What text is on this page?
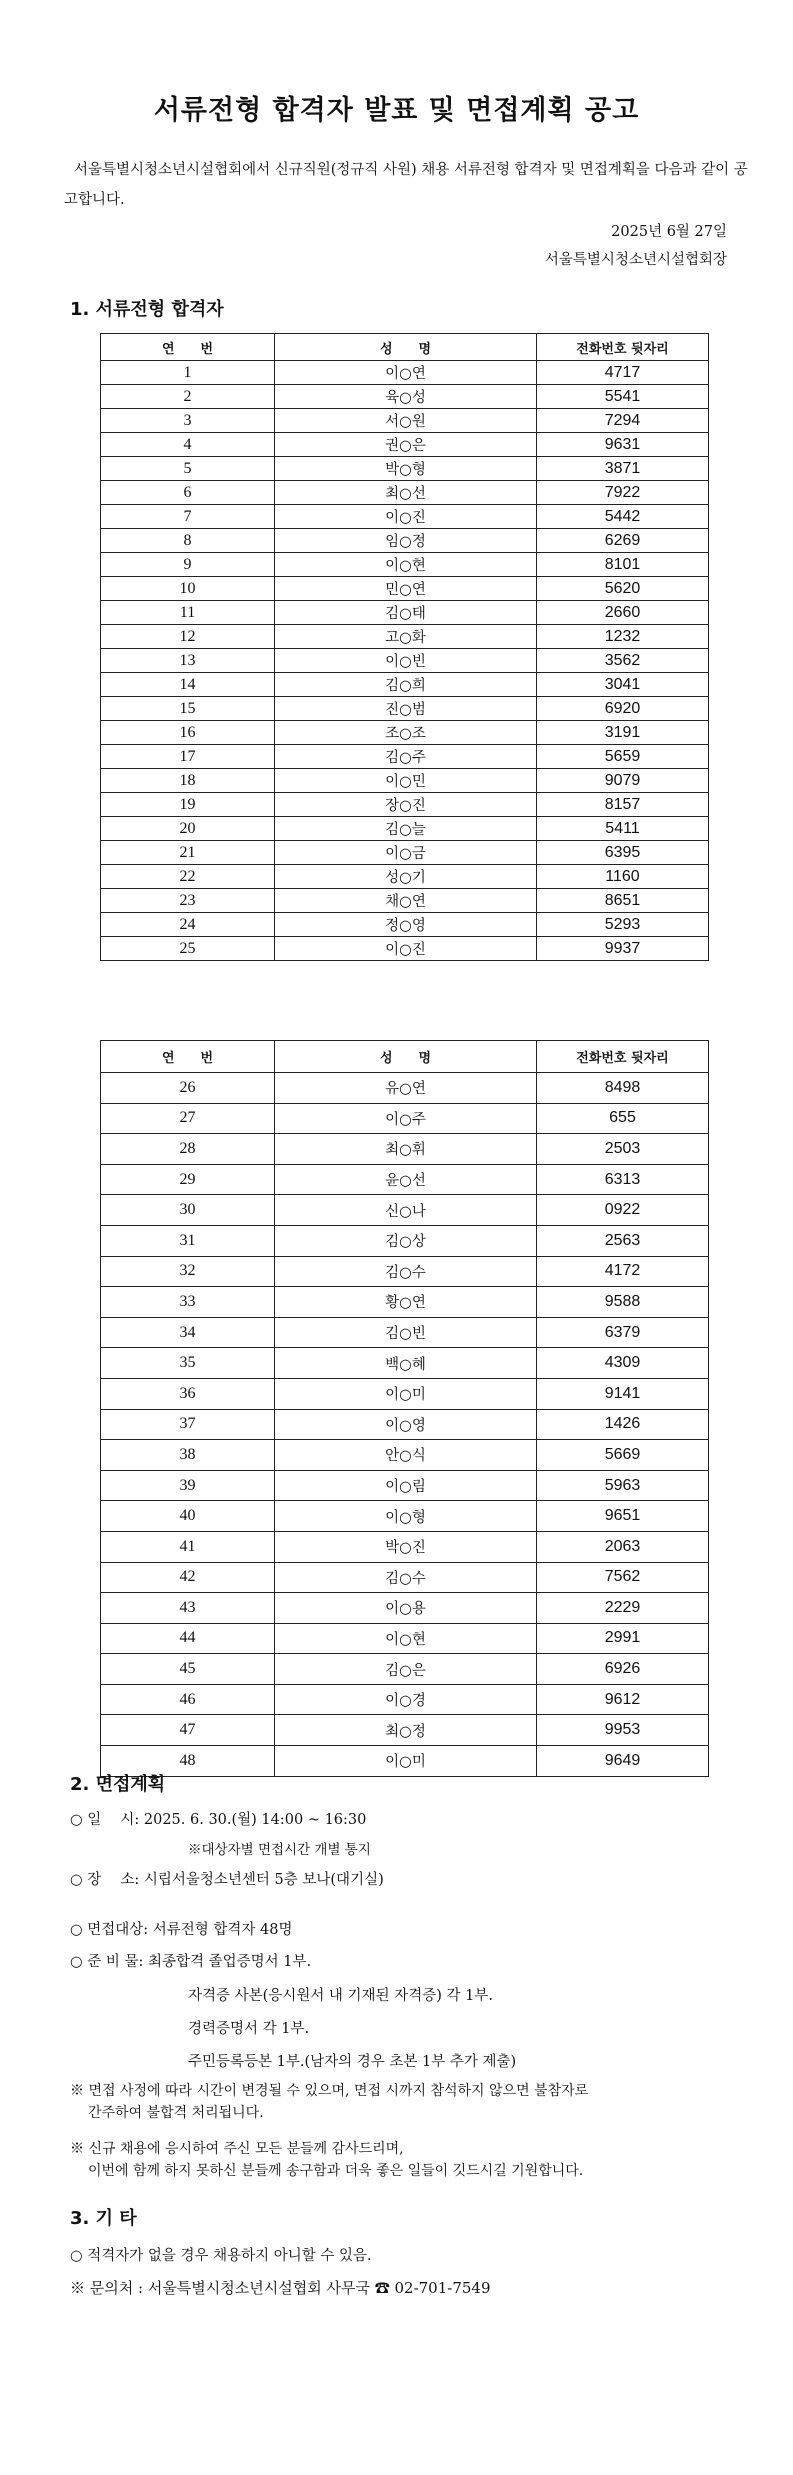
서류전형 합격자 발표 및 면접계획 공고
서울특별시청소년시설협회에서 신규직원(정규직 사원) 채용 서류전형 합격자 및 면접계획을 다음과 같이 공고합니다.
2025년 6월 27일
서울특별시청소년시설협회장
1. 서류전형 합격자
연　　번	성　　명	전화번호 뒷자리
1	이○연	4717
2	육○성	5541
3	서○원	7294
4	권○은	9631
5	박○형	3871
6	최○선	7922
7	이○진	5442
8	임○정	6269
9	이○현	8101
10	민○연	5620
11	김○태	2660
12	고○화	1232
13	이○빈	3562
14	김○희	3041
15	진○범	6920
16	조○조	3191
17	김○주	5659
18	이○민	9079
19	장○진	8157
20	김○늘	5411
21	이○금	6395
22	성○기	1160
23	채○연	8651
24	정○영	5293
25	이○진	9937
연　　번	성　　명	전화번호 뒷자리
26	유○연	8498
27	이○주	655
28	최○휘	2503
29	윤○선	6313
30	신○나	0922
31	김○상	2563
32	김○수	4172
33	황○연	9588
34	김○빈	6379
35	백○혜	4309
36	이○미	9141
37	이○영	1426
38	안○식	5669
39	이○림	5963
40	이○형	9651
41	박○진	2063
42	김○수	7562
43	이○용	2229
44	이○현	2991
45	김○은	6926
46	이○경	9612
47	최○정	9953
48	이○미	9649
2. 면접계획
○ 일　 시: 2025. 6. 30.(월) 14:00 ~ 16:30
※대상자별 면접시간 개별 통지
○ 장　 소: 시립서울청소년센터 5층 보나(대기실)
○ 면접대상: 서류전형 합격자 48명
○ 준 비 물: 최종합격 졸업증명서 1부.
자격증 사본(응시원서 내 기재된 자격증) 각 1부.
경력증명서 각 1부.
주민등록등본 1부.(남자의 경우 초본 1부 추가 제출)
※ 면접 사정에 따라 시간이 변경될 수 있으며, 면접 시까지 참석하지 않으면 불참자로
간주하여 불합격 처리됩니다.
※ 신규 채용에 응시하여 주신 모든 분들께 감사드리며,
이번에 함께 하지 못하신 분들께 송구함과 더욱 좋은 일들이 깃드시길 기원합니다.
3. 기 타
○ 적격자가 없을 경우 채용하지 아니할 수 있음.
※ 문의처 : 서울특별시청소년시설협회 사무국 ☎ 02-701-7549
